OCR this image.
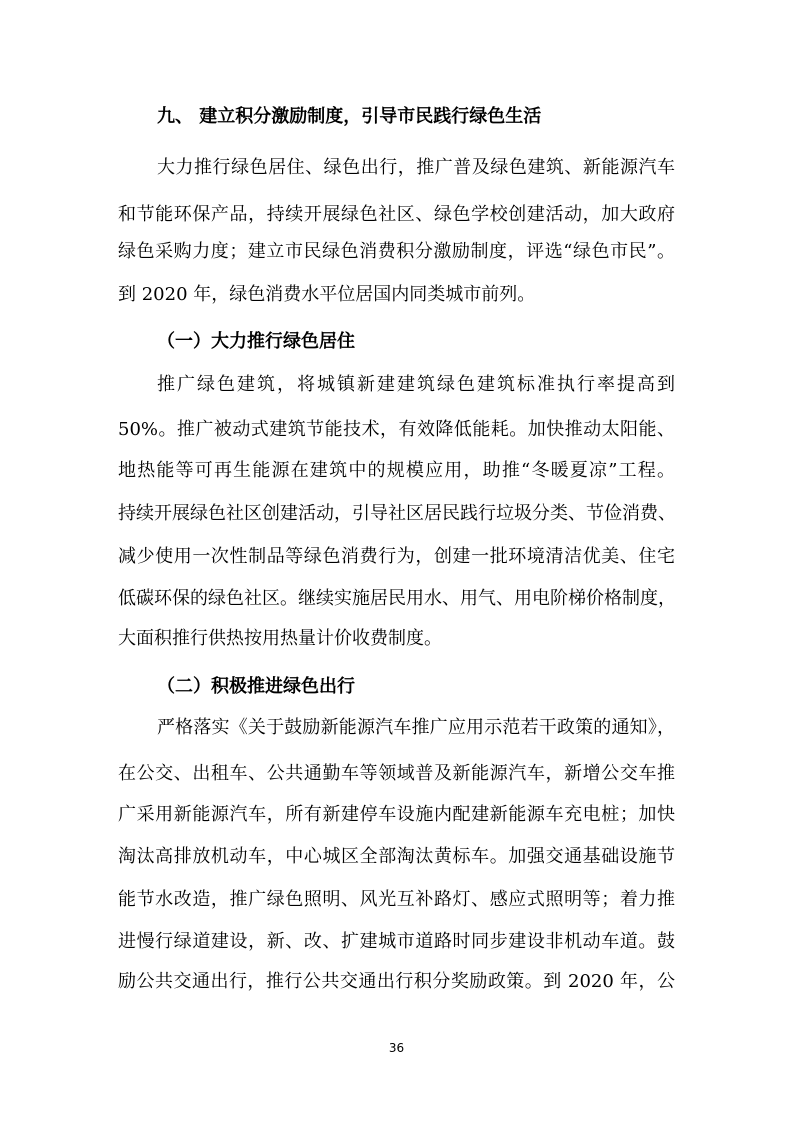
九、 建立积分激励制度，引导市民践行绿色生活

大力推行绿色居住、绿色出行，推广普及绿色建筑、新能源汽车

和节能环保产品，持续开展绿色社区、绿色学校创建活动，加大政府

绿色采购力度；建立市民绿色消费积分激励制度，评选“绿色市民”。

到 2020 年，绿色消费水平位居国内同类城市前列。

（一）大力推行绿色居住

推广绿色建筑，将城镇新建建筑绿色建筑标准执行率提高到

50%。推广被动式建筑节能技术，有效降低能耗。加快推动太阳能、

地热能等可再生能源在建筑中的规模应用，助推“冬暖夏凉”工程。

持续开展绿色社区创建活动，引导社区居民践行垃圾分类、节俭消费、

减少使用一次性制品等绿色消费行为，创建一批环境清洁优美、住宅

低碳环保的绿色社区。继续实施居民用水、用气、用电阶梯价格制度，

大面积推行供热按用热量计价收费制度。

（二）积极推进绿色出行

严格落实《关于鼓励新能源汽车推广应用示范若干政策的通知》，

在公交、出租车、公共通勤车等领域普及新能源汽车，新增公交车推

广采用新能源汽车，所有新建停车设施内配建新能源车充电桩；加快

淘汰高排放机动车，中心城区全部淘汰黄标车。加强交通基础设施节

能节水改造，推广绿色照明、风光互补路灯、感应式照明等；着力推

进慢行绿道建设，新、改、扩建城市道路时同步建设非机动车道。鼓

励公共交通出行，推行公共交通出行积分奖励政策。到 2020 年，公

36
